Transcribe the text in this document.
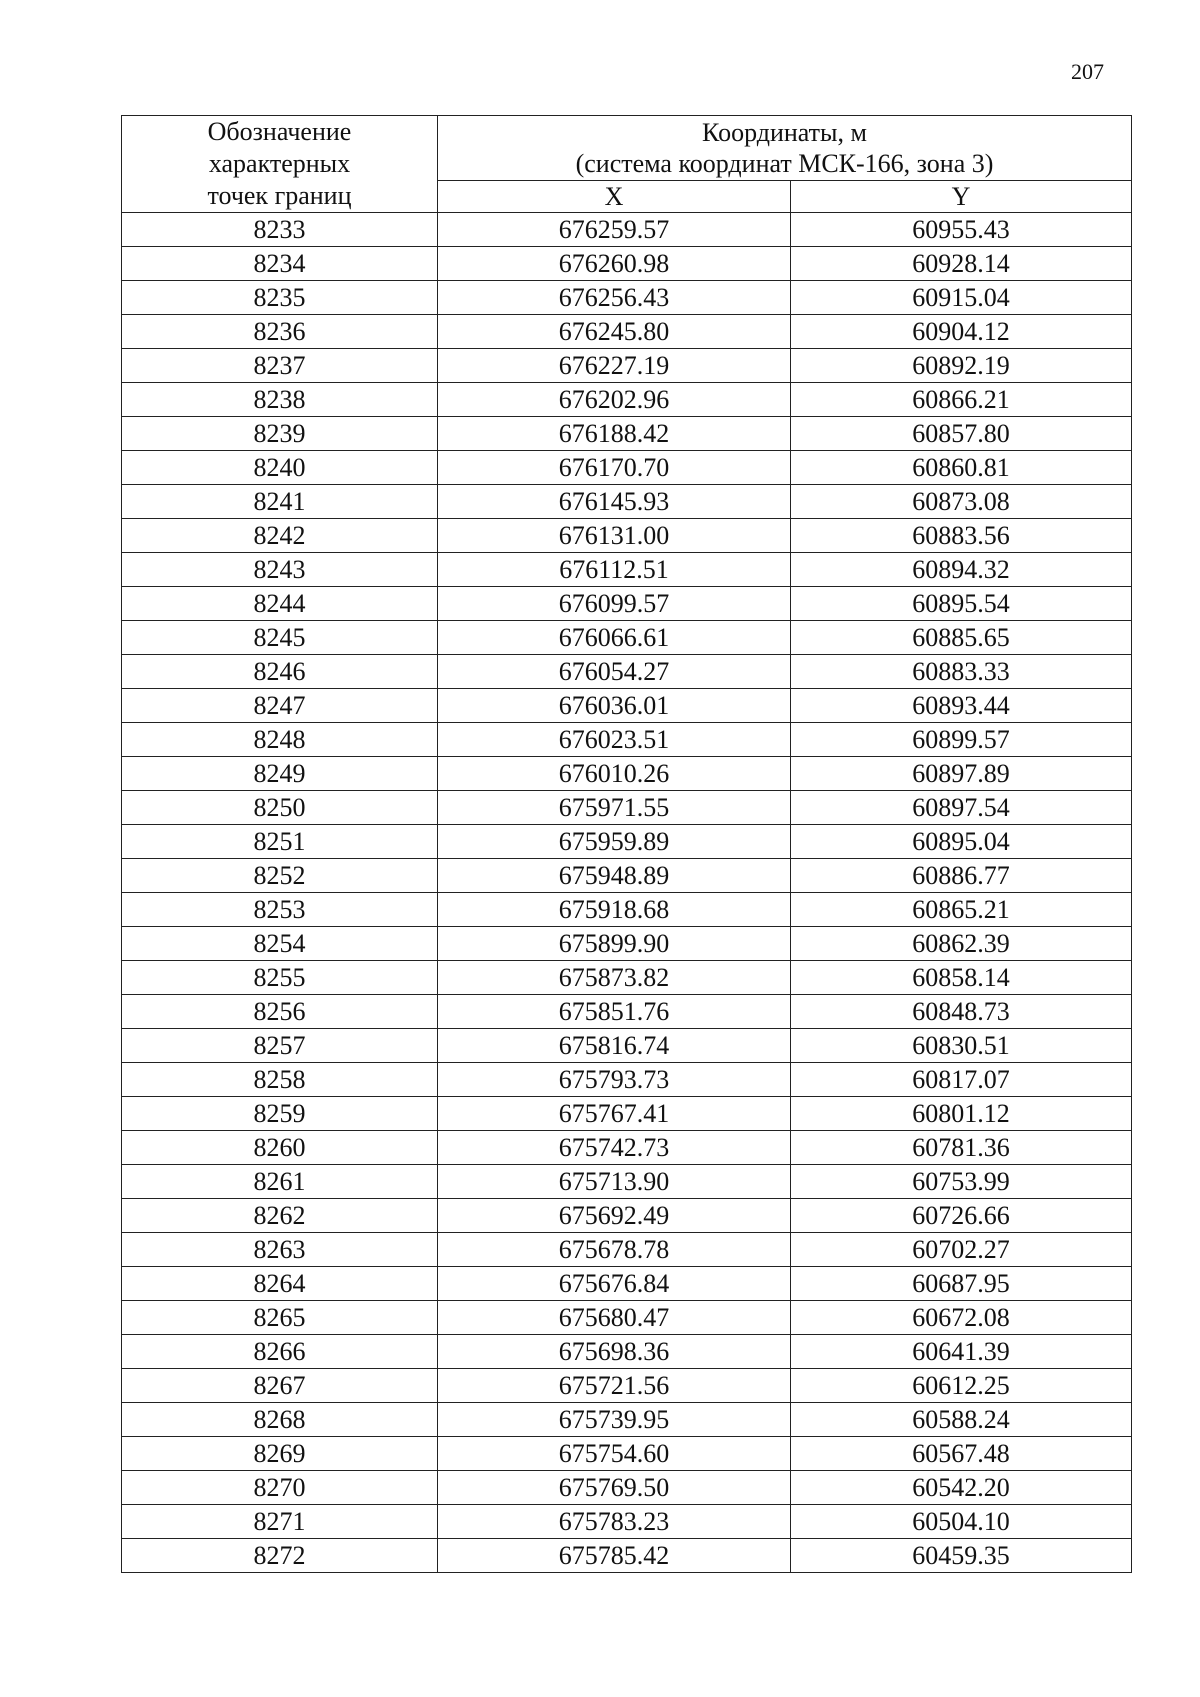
207
Обозначение
характерных
точек границ	Координаты, м
(система координат МСК-166, зона 3)	

	X	Y
8233	676259.57	60955.43
8234	676260.98	60928.14
8235	676256.43	60915.04
8236	676245.80	60904.12
8237	676227.19	60892.19
8238	676202.96	60866.21
8239	676188.42	60857.80
8240	676170.70	60860.81
8241	676145.93	60873.08
8242	676131.00	60883.56
8243	676112.51	60894.32
8244	676099.57	60895.54
8245	676066.61	60885.65
8246	676054.27	60883.33
8247	676036.01	60893.44
8248	676023.51	60899.57
8249	676010.26	60897.89
8250	675971.55	60897.54
8251	675959.89	60895.04
8252	675948.89	60886.77
8253	675918.68	60865.21
8254	675899.90	60862.39
8255	675873.82	60858.14
8256	675851.76	60848.73
8257	675816.74	60830.51
8258	675793.73	60817.07
8259	675767.41	60801.12
8260	675742.73	60781.36
8261	675713.90	60753.99
8262	675692.49	60726.66
8263	675678.78	60702.27
8264	675676.84	60687.95
8265	675680.47	60672.08
8266	675698.36	60641.39
8267	675721.56	60612.25
8268	675739.95	60588.24
8269	675754.60	60567.48
8270	675769.50	60542.20
8271	675783.23	60504.10
8272	675785.42	60459.35
